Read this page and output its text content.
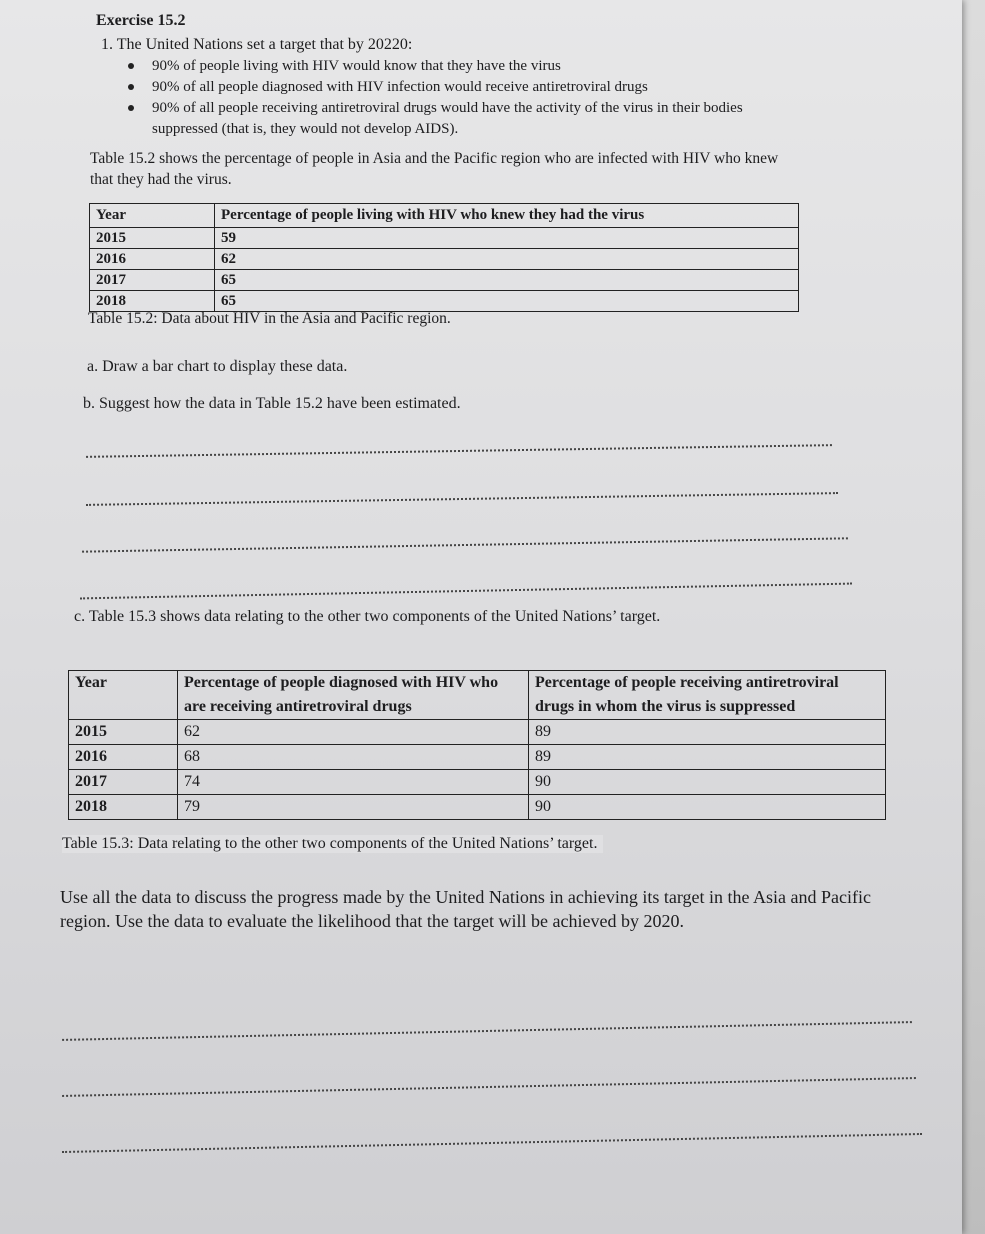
Exercise 15.2
1. The United Nations set a target that by 20220:
90% of people living with HIV would know that they have the virus
90% of all people diagnosed with HIV infection would receive antiretroviral drugs
90% of all people receiving antiretroviral drugs would have the activity of the virus in their bodies suppressed (that is, they would not develop AIDS).
Table 15.2 shows the percentage of people in Asia and the Pacific region who are infected with HIV who knew that they had the virus.
Year	Percentage of people living with HIV who knew they had the virus
2015	59
2016	62
2017	65
2018	65
Table 15.2: Data about HIV in the Asia and Pacific region.
a. Draw a bar chart to display these data.
b. Suggest how the data in Table 15.2 have been estimated.
c. Table 15.3 shows data relating to the other two components of the United Nations’ target.
Year	Percentage of people diagnosed with HIV who are receiving antiretroviral drugs	Percentage of people receiving antiretroviral drugs in whom the virus is suppressed
2015	62	89
2016	68	89
2017	74	90
2018	79	90
Table 15.3: Data relating to the other two components of the United Nations’ target.
Use all the data to discuss the progress made by the United Nations in achieving its target in the Asia and Pacific region. Use the data to evaluate the likelihood that the target will be achieved by 2020.
